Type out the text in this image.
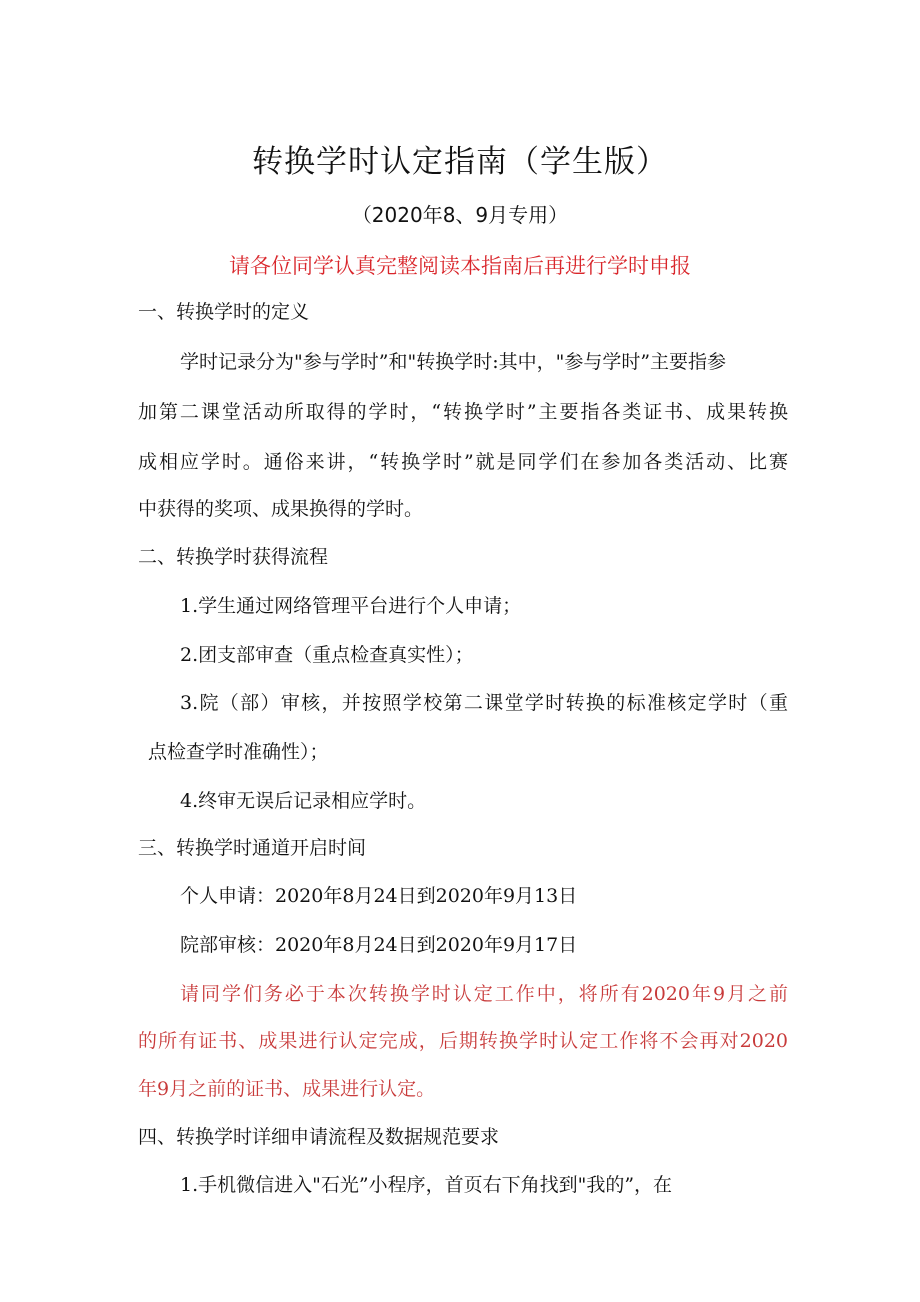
转换学时认定指南（学生版）
（2020年8、9月专用）
请各位同学认真完整阅读本指南后再进行学时申报
一、转换学时的定义
学时记录分为"参与学时”和"转换学时:其中，"参与学时”主要指参
加第二课堂活动所取得的学时，“转换学时”主要指各类证书、成果转换
成相应学时。通俗来讲，“转换学时”就是同学们在参加各类活动、比赛
中获得的奖项、成果换得的学时。
二、转换学时获得流程
1.学生通过网络管理平台进行个人申请；
2.团支部审查（重点检查真实性）；
3.院（部）审核，并按照学校第二课堂学时转换的标准核定学时（重
点检查学时准确性）；
4.终审无误后记录相应学时。
三、转换学时通道开启时间
个人申请：2020年8月24日到2020年9月13日
院部审核：2020年8月24日到2020年9月17日
请同学们务必于本次转换学时认定工作中，将所有2020年9月之前
的所有证书、成果进行认定完成，后期转换学时认定工作将不会再对2020
年9月之前的证书、成果进行认定。
四、转换学时详细申请流程及数据规范要求
1.手机微信进入"石光”小程序，首页右下角找到"我的”，在
